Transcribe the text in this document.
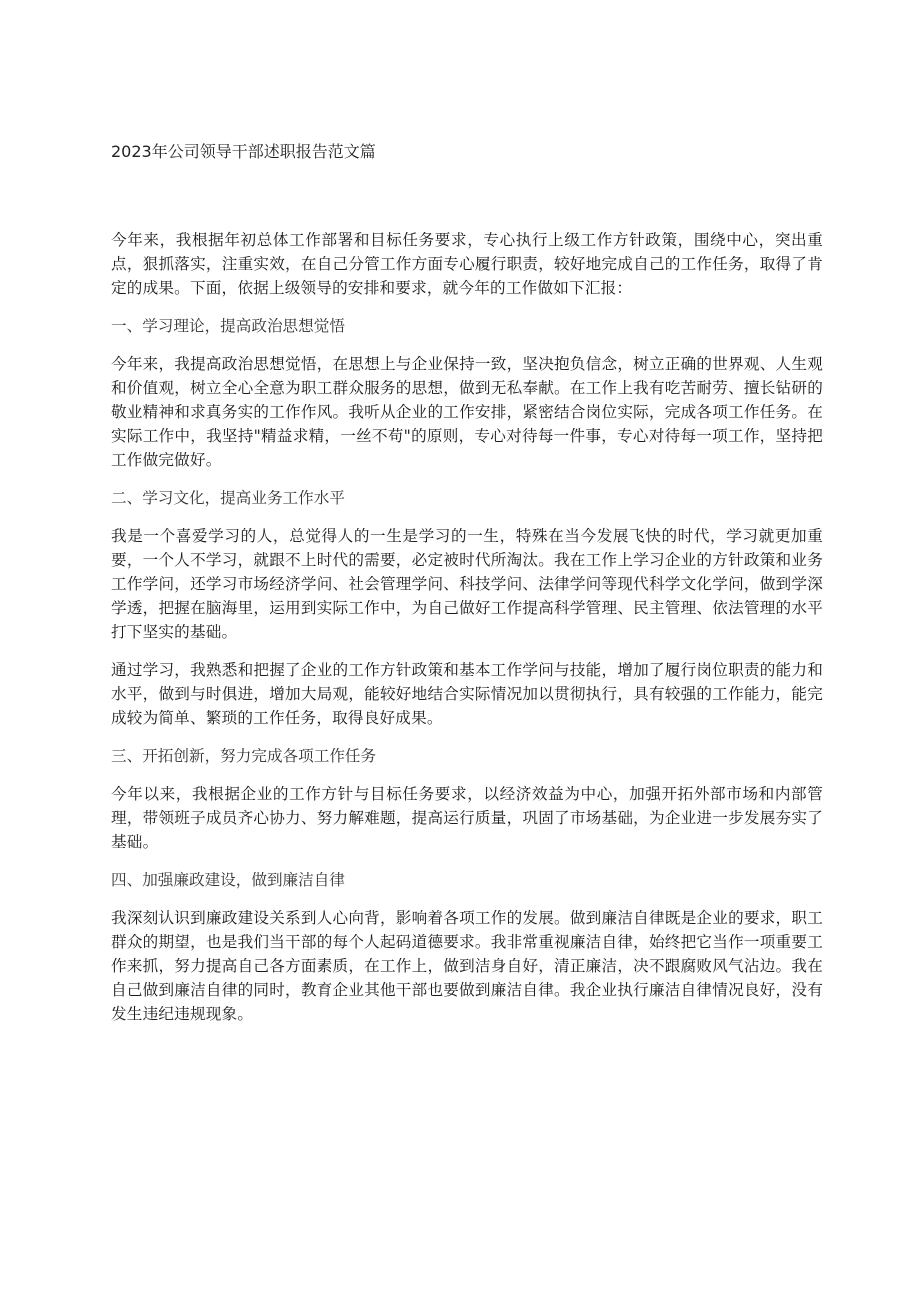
2023年公司领导干部述职报告范文篇

今年来，我根据年初总体工作部署和目标任务要求，专心执行上级工作方针政策，围绕中心，突出重点，狠抓落实，注重实效，在自己分管工作方面专心履行职责，较好地完成自己的工作任务，取得了肯定的成果。下面，依据上级领导的安排和要求，就今年的工作做如下汇报：

一、学习理论，提高政治思想觉悟

今年来，我提高政治思想觉悟，在思想上与企业保持一致，坚决抱负信念，树立正确的世界观、人生观和价值观，树立全心全意为职工群众服务的思想，做到无私奉献。在工作上我有吃苦耐劳、擅长钻研的敬业精神和求真务实的工作作风。我听从企业的工作安排，紧密结合岗位实际，完成各项工作任务。在实际工作中，我坚持"精益求精，一丝不苟"的原则，专心对待每一件事，专心对待每一项工作，坚持把工作做完做好。

二、学习文化，提高业务工作水平

我是一个喜爱学习的人，总觉得人的一生是学习的一生，特殊在当今发展飞快的时代，学习就更加重要，一个人不学习，就跟不上时代的需要，必定被时代所淘汰。我在工作上学习企业的方针政策和业务工作学问，还学习市场经济学问、社会管理学问、科技学问、法律学问等现代科学文化学问，做到学深学透，把握在脑海里，运用到实际工作中，为自己做好工作提高科学管理、民主管理、依法管理的水平打下坚实的基础。

通过学习，我熟悉和把握了企业的工作方针政策和基本工作学问与技能，增加了履行岗位职责的能力和水平，做到与时俱进，增加大局观，能较好地结合实际情况加以贯彻执行，具有较强的工作能力，能完成较为简单、繁琐的工作任务，取得良好成果。

三、开拓创新，努力完成各项工作任务

今年以来，我根据企业的工作方针与目标任务要求，以经济效益为中心，加强开拓外部市场和内部管理，带领班子成员齐心协力、努力解难题，提高运行质量，巩固了市场基础，为企业进一步发展夯实了基础。

四、加强廉政建设，做到廉洁自律

我深刻认识到廉政建设关系到人心向背，影响着各项工作的发展。做到廉洁自律既是企业的要求，职工群众的期望，也是我们当干部的每个人起码道德要求。我非常重视廉洁自律，始终把它当作一项重要工作来抓，努力提高自己各方面素质，在工作上，做到洁身自好，清正廉洁，决不跟腐败风气沾边。我在自己做到廉洁自律的同时，教育企业其他干部也要做到廉洁自律。我企业执行廉洁自律情况良好，没有发生违纪违规现象。
